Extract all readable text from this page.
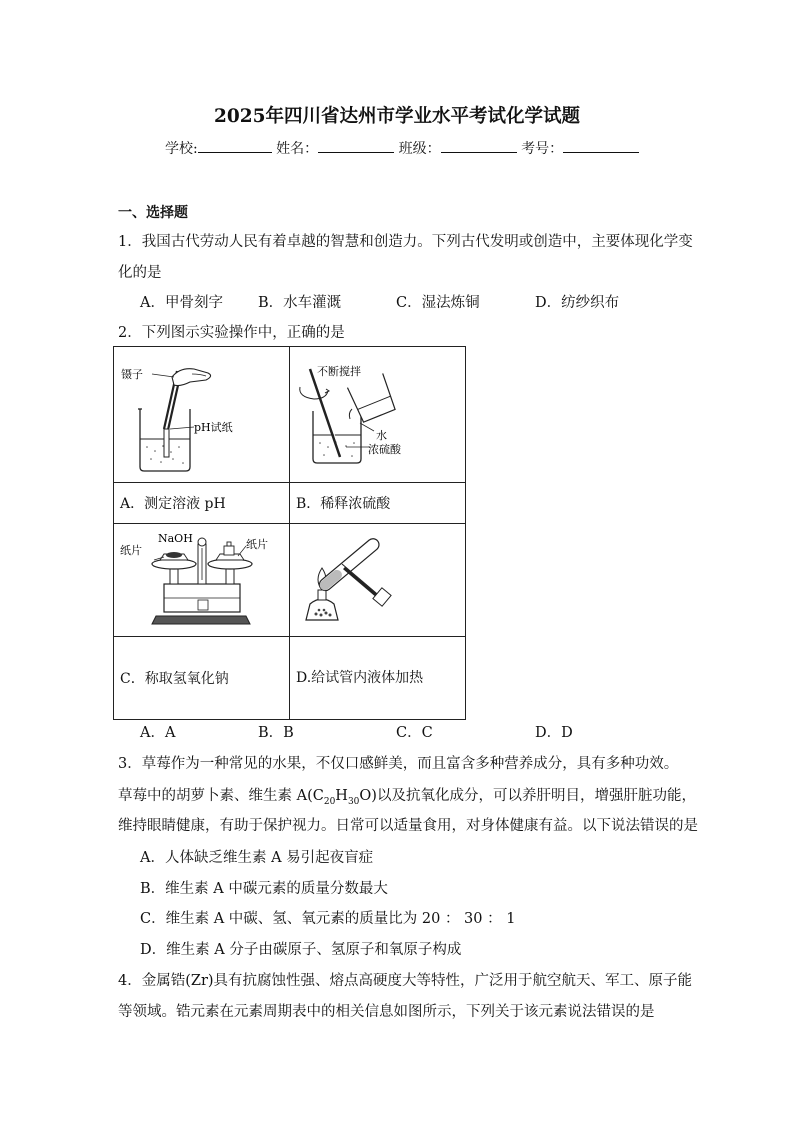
2025年四川省达州市学业水平考试化学试题
学校:	姓名：	班级：	考号：
一、选择题
1．我国古代劳动人民有着卓越的智慧和创造力。下列古代发明或创造中，主要体现化学变
化的是
A．甲骨刻字 B．水车灌溉	C．湿法炼铜	D．纺纱织布
2．下列图示实验操作中，正确的是
镊子
pH试纸	不断搅拌
水
浓硫酸

A．测定溶液 pH	B．稀释浓硫酸

NaOH
纸片 纸片

C．称取氢氧化钠	D.给试管内液体加热
A．A	B．B	C．C	D．D
3．草莓作为一种常见的水果，不仅口感鲜美，而且富含多种营养成分，具有多种功效。
草莓中的胡萝卜素、维生素 $A(C_{20}H_{30}O)$以及抗氧化成分，可以养肝明目，增强肝脏功能，
维持眼睛健康，有助于保护视力。日常可以适量食用，对身体健康有益。以下说法错误的是
A．人体缺乏维生素 A 易引起夜盲症
B．维生素 A 中碳元素的质量分数最大
C．维生素 A 中碳、氢、氧元素的质量比为 20 ： 30 ： 1
D．维生素 A 分子由碳原子、氢原子和氧原子构成
4．金属锆(Zr)具有抗腐蚀性强、熔点高硬度大等特性，广泛用于航空航天、军工、原子能
等领域。锆元素在元素周期表中的相关信息如图所示，下列关于该元素说法错误的是
